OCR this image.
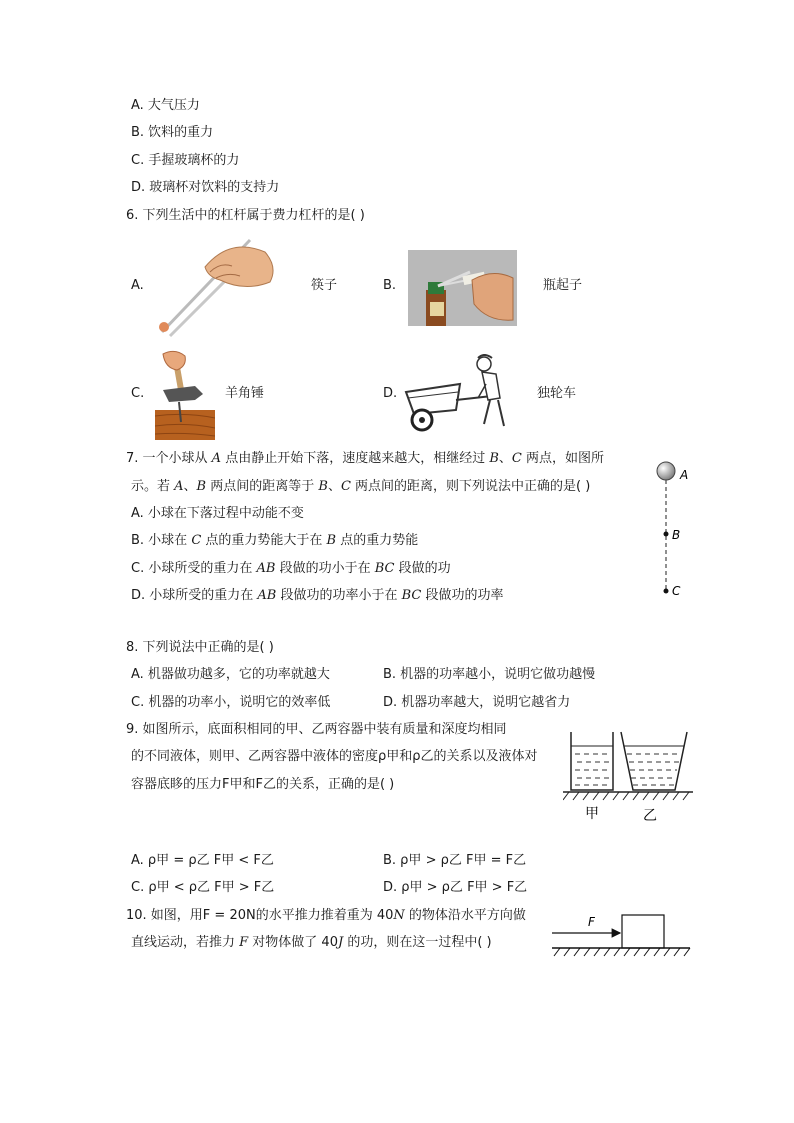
A. 大气压力
B. 饮料的重力
C. 手握玻璃杯的力
D. 玻璃杯对饮料的支持力
6. 下列生活中的杠杆属于费力杠杆的是( )
A.	筷子	B.	瓶起子
C.	羊角锤	D.	独轮车
7. 一个小球从 A 点由静止开始下落，速度越来越大，相继经过 B、C 两点，如图所
示。若 A、B 两点间的距离等于 B、C 两点间的距离，则下列说法中正确的是( )
A. 小球在下落过程中动能不变
B. 小球在 C 点的重力势能大于在 B 点的重力势能
C. 小球所受的重力在 AB 段做的功小于在 BC 段做的功
D. 小球所受的重力在 AB 段做功的功率小于在 BC 段做功的功率
A
B
C
8. 下列说法中正确的是( )
A. 机器做功越多，它的功率就越大	B. 机器的功率越小，说明它做功越慢
C. 机器的功率小，说明它的效率低	D. 机器功率越大，说明它越省力
9. 如图所示，底面积相同的甲、乙两容器中装有质量和深度均相同
的不同液体，则甲、乙两容器中液体的密度ρ甲和ρ乙的关系以及液体对
容器底眵的压力F甲和F乙的关系，正确的是( )
甲	乙
A. ρ甲 = ρ乙 F甲 < F乙	B. ρ甲 > ρ乙 F甲 = F乙
C. ρ甲 < ρ乙 F甲 > F乙	D. ρ甲 > ρ乙 F甲 > F乙
10. 如图，用F = 20N的水平推力推着重为 40N 的物体沿水平方向做
直线运动，若推力 F 对物体做了 40J 的功，则在这一过程中( )
F
